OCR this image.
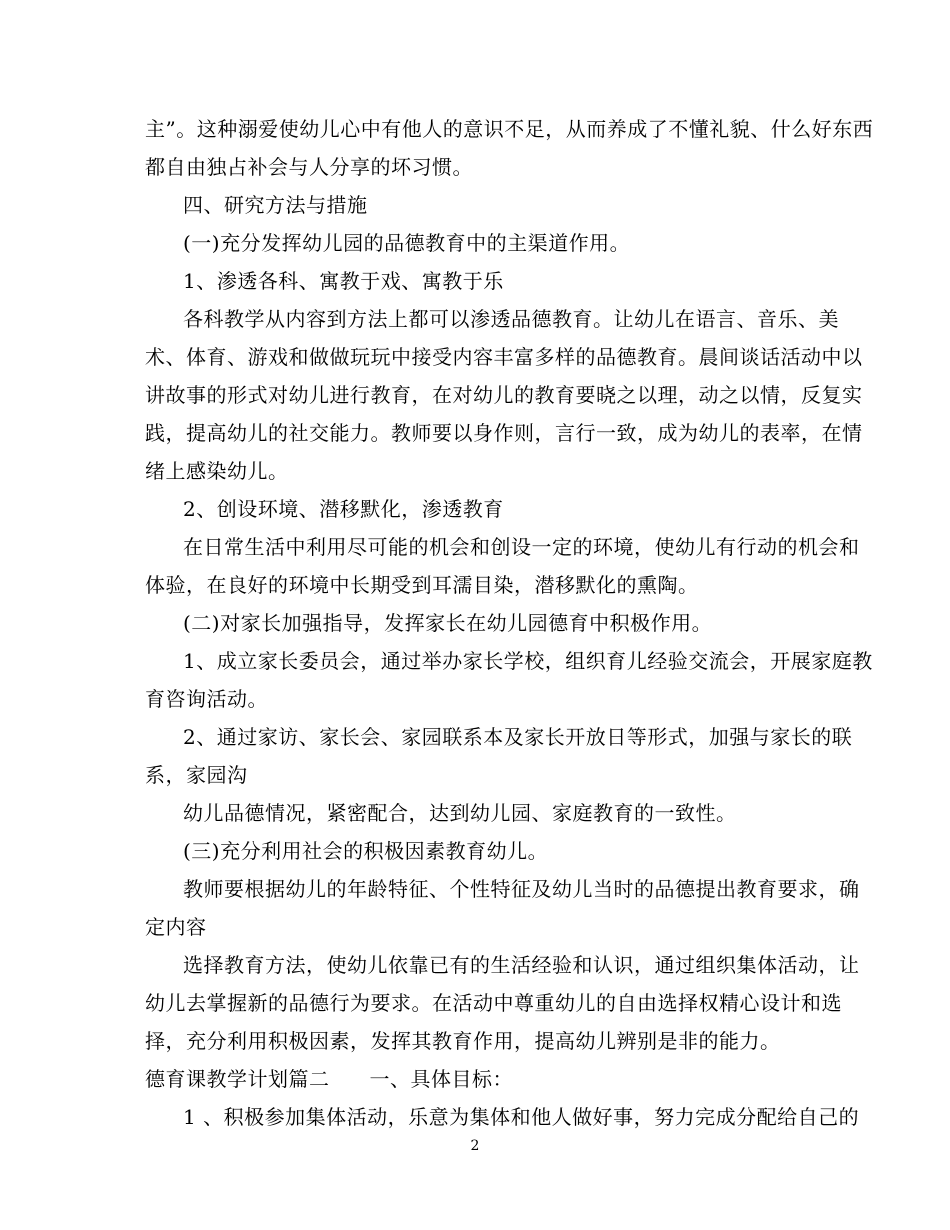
主”。这种溺爱使幼儿心中有他人的意识不足，从而养成了不懂礼貌、什么好东西
都自由独占补会与人分享的坏习惯。
四、研究方法与措施
(一)充分发挥幼儿园的品德教育中的主渠道作用。
1、渗透各科、寓教于戏、寓教于乐
各科教学从内容到方法上都可以渗透品德教育。让幼儿在语言、音乐、美
术、体育、游戏和做做玩玩中接受内容丰富多样的品德教育。晨间谈话活动中以
讲故事的形式对幼儿进行教育，在对幼儿的教育要晓之以理，动之以情，反复实
践，提高幼儿的社交能力。教师要以身作则，言行一致，成为幼儿的表率，在情
绪上感染幼儿。
2、创设环境、潜移默化，渗透教育
在日常生活中利用尽可能的机会和创设一定的环境，使幼儿有行动的机会和
体验，在良好的环境中长期受到耳濡目染，潜移默化的熏陶。
(二)对家长加强指导，发挥家长在幼儿园德育中积极作用。
1、成立家长委员会，通过举办家长学校，组织育儿经验交流会，开展家庭教
育咨询活动。
2、通过家访、家长会、家园联系本及家长开放日等形式，加强与家长的联
系，家园沟
幼儿品德情况，紧密配合，达到幼儿园、家庭教育的一致性。
(三)充分利用社会的积极因素教育幼儿。
教师要根据幼儿的年龄特征、个性特征及幼儿当时的品德提出教育要求，确
定内容
选择教育方法，使幼儿依靠已有的生活经验和认识，通过组织集体活动，让
幼儿去掌握新的品德行为要求。在活动中尊重幼儿的自由选择权精心设计和选
择，充分利用积极因素，发挥其教育作用，提高幼儿辨别是非的能力。
德育课教学计划篇二 一、具体目标：
1 、积极参加集体活动，乐意为集体和他人做好事，努力完成分配给自己的
2
